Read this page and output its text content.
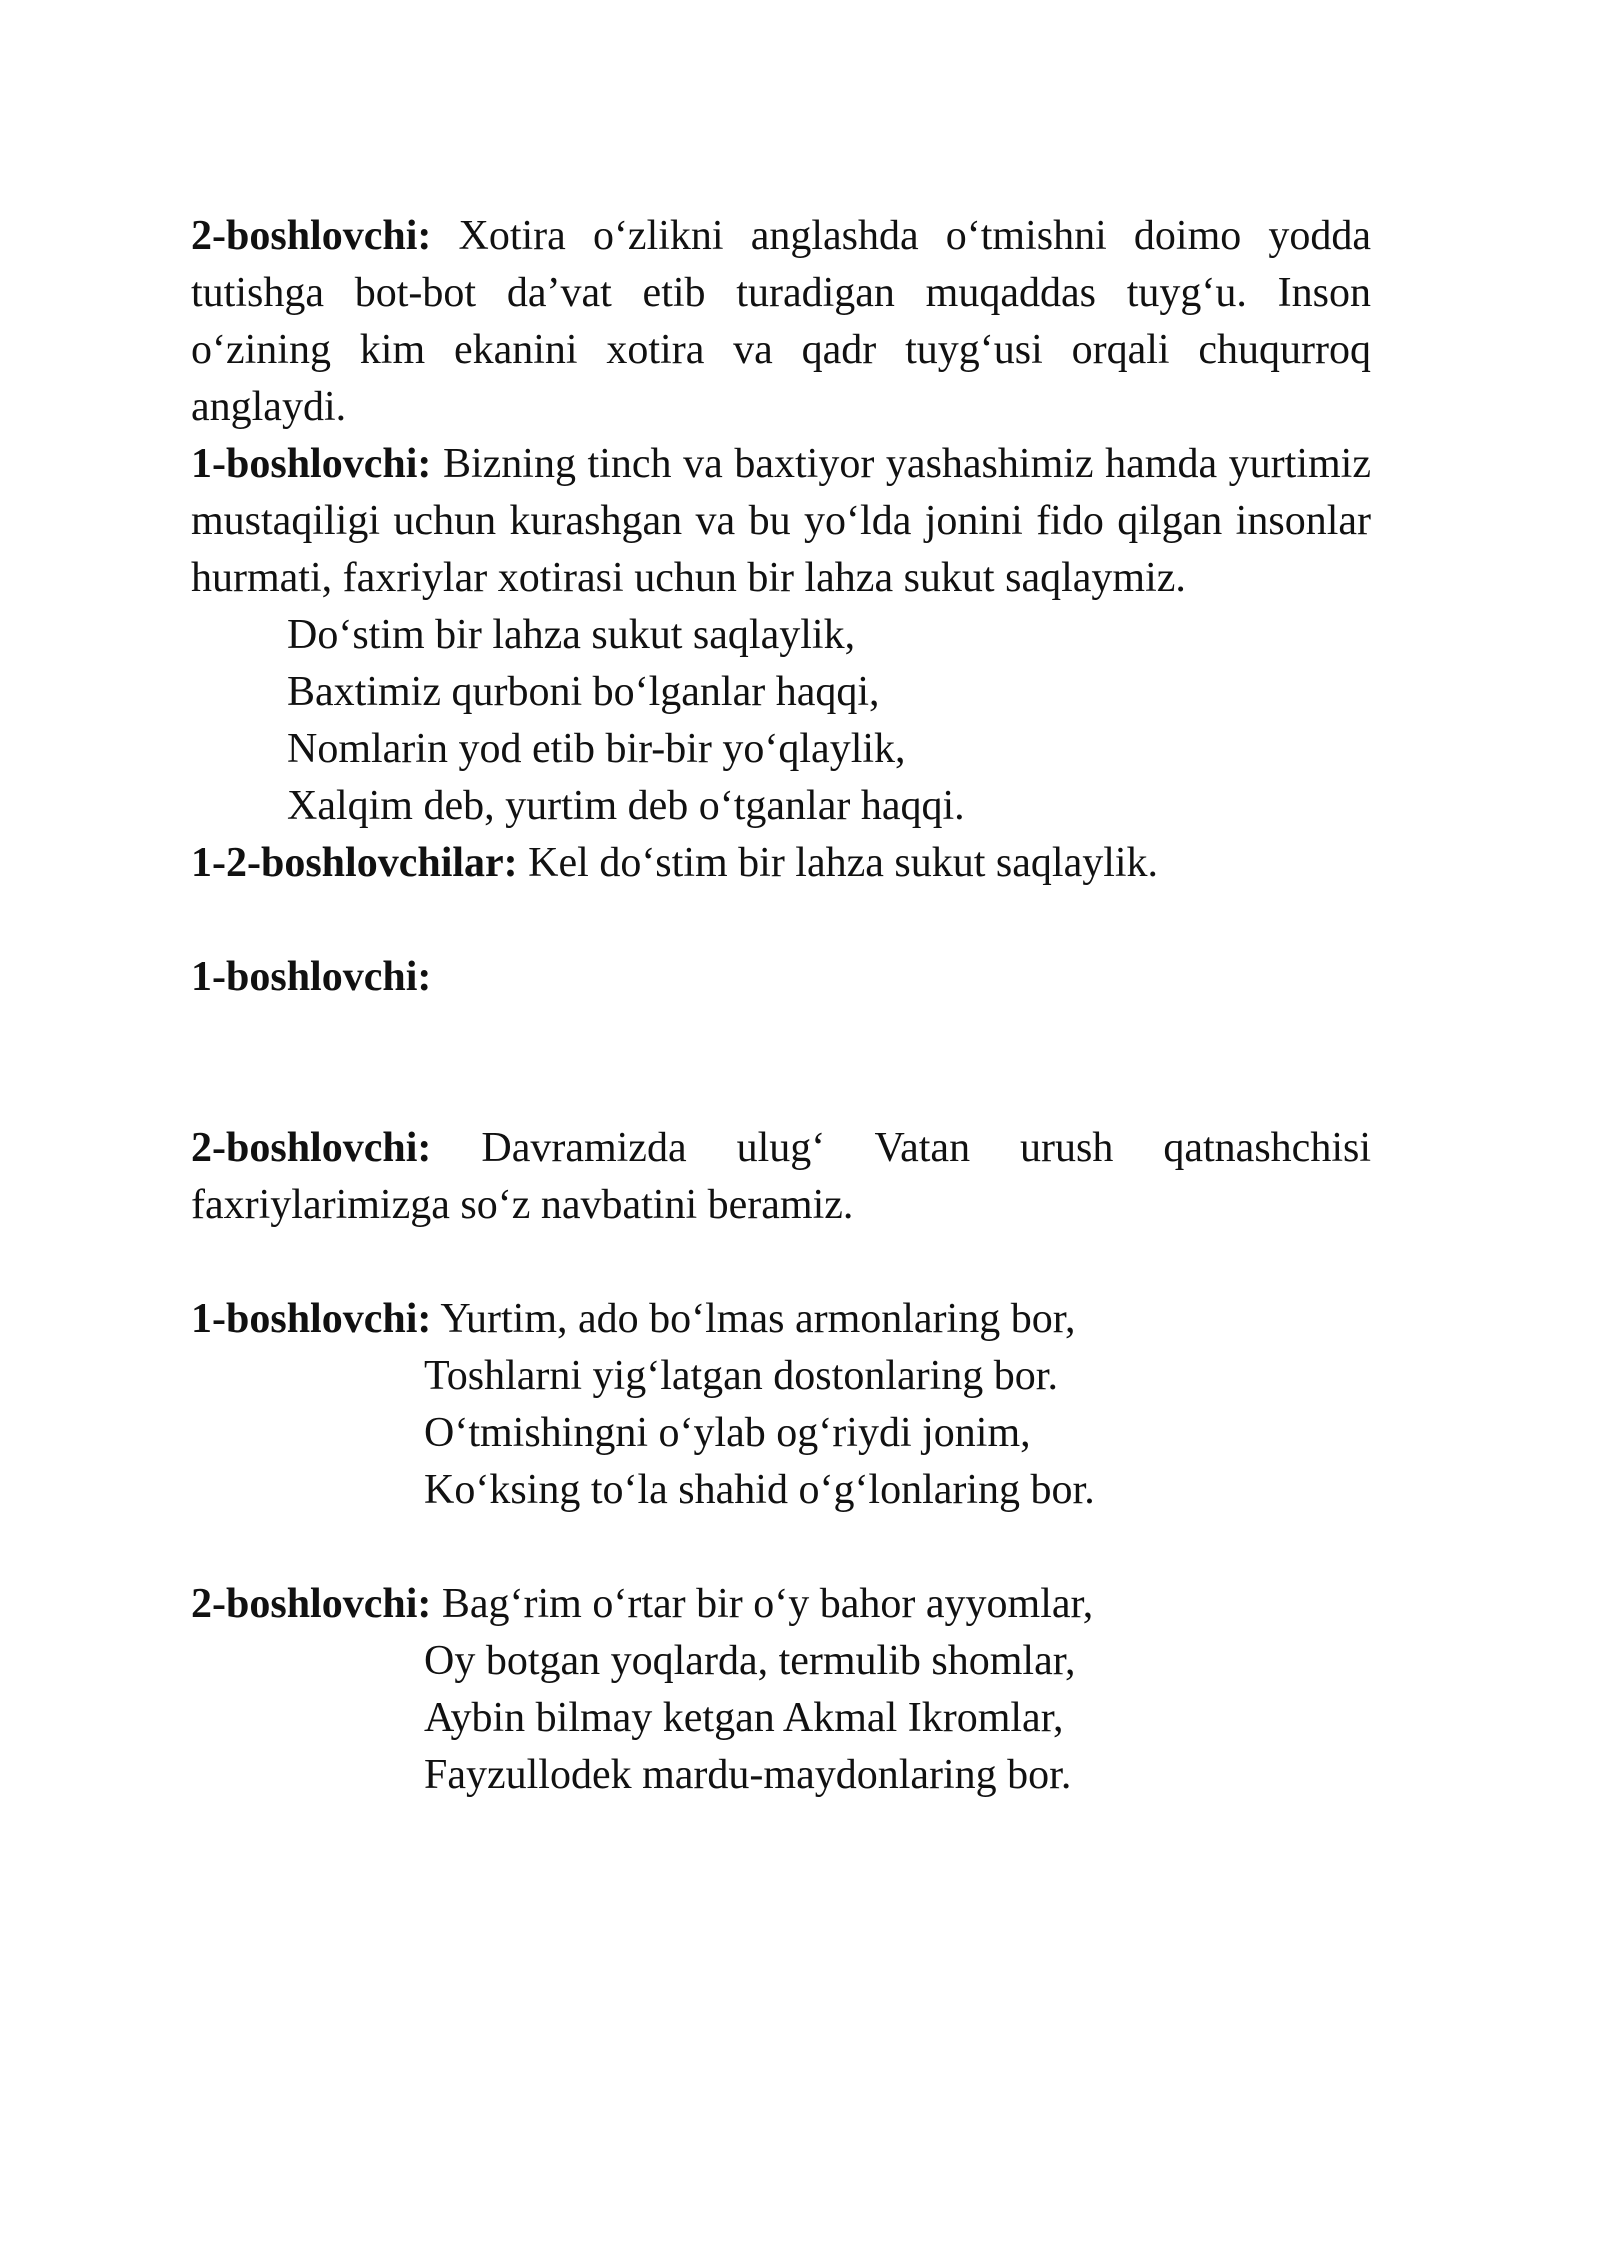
2-boshlovchi: Xotira o‘zlikni anglashda o‘tmishni doimo yodda tutishga bot-bot da’vat etib turadigan muqaddas tuyg‘u. Inson o‘zining kim ekanini xotira va qadr tuyg‘usi orqali chuqurroq anglaydi.

1-boshlovchi: Bizning tinch va baxtiyor yashashimiz hamda yurtimiz mustaqiligi uchun kurashgan va bu yo‘lda jonini fido qilgan insonlar hurmati, faxriylar xotirasi uchun bir lahza sukut saqlaymiz.

Do‘stim bir lahza sukut saqlaylik,
Baxtimiz qurboni bo‘lganlar haqqi,
Nomlarin yod etib bir-bir yo‘qlaylik,
Xalqim deb, yurtim deb o‘tganlar haqqi.

1-2-boshlovchilar: Kel do‘stim bir lahza sukut saqlaylik.

1-boshlovchi:

2-boshlovchi: Davramizda ulug‘ Vatan urush qatnashchisi faxriylarimizga so‘z navbatini beramiz.

1-boshlovchi: Yurtim, ado bo‘lmas armonlaring bor,

Toshlarni yig‘latgan dostonlaring bor.
O‘tmishingni o‘ylab og‘riydi jonim,
Ko‘ksing to‘la shahid o‘g‘lonlaring bor.

2-boshlovchi: Bag‘rim o‘rtar bir o‘y bahor ayyomlar,

Oy botgan yoqlarda, termulib shomlar,
Aybin bilmay ketgan Akmal Ikromlar,
Fayzullodek mardu-maydonlaring bor.
